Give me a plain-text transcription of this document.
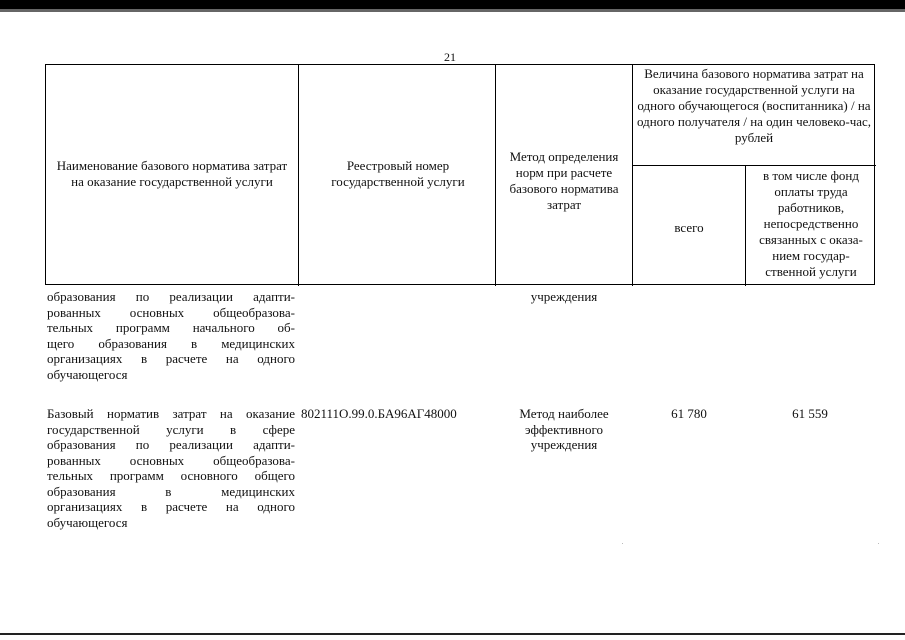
21
Наименование базового норматива затрат на оказание государственной услуги
Реестровый номер государственной услуги
Метод определения норм при расчете базового норматива затрат
Величина базового норматива затрат на оказание государственной услуги на одного обучающегося (воспитанника) / на одного получателя / на один человеко-час, рублей
всего
в том числе фонд оплаты труда работников, непосредственно связанных с оказа-нием государ-ственной услуги
образования по реализации адапти-
рованных основных общеобразова-
тельных программ начального об-
щего образования в медицинских
организациях в расчете на одного
обучающегося
учреждения
Базовый норматив затрат на оказание
государственной услуги в сфере
образования по реализации адапти-
рованных основных общеобразова-
тельных программ основного общего
образования в медицинских
организациях в расчете на одного
обучающегося
802111О.99.0.БА96АГ48000	Метод наиболее
эффективного
учреждения
61 780	61 559
